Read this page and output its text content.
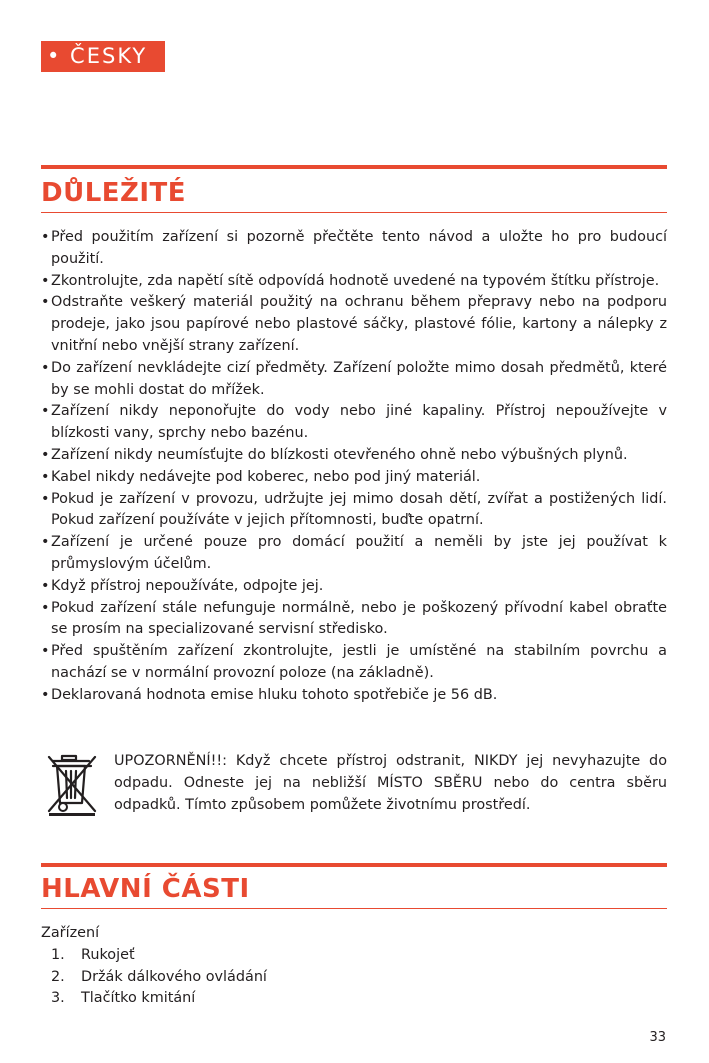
• ČESKY
DŮLEŽITÉ
• Před použitím zařízení si pozorně přečtěte tento návod a uložte ho pro budoucí použití.
• Zkontrolujte, zda napětí sítě odpovídá hodnotě uvedené na typovém štítku přístroje.
• Odstraňte veškerý materiál použitý na ochranu během přepravy nebo na podporu prodeje, jako jsou papírové nebo plastové sáčky, plastové fólie, kartony a nálepky z vnitřní nebo vnější strany zařízení.
• Do zařízení nevkládejte cizí předměty. Zařízení položte mimo dosah předmětů, které by se mohli dostat do mřížek.
• Zařízení nikdy neponořujte do vody nebo jiné kapaliny. Přístroj nepoužívejte v blízkosti vany, sprchy nebo bazénu.
• Zařízení nikdy neumísťujte do blízkosti otevřeného ohně nebo výbušných plynů.
• Kabel nikdy nedávejte pod koberec, nebo pod jiný materiál.
• Pokud je zařízení v provozu, udržujte jej mimo dosah dětí, zvířat a postižených lidí. Pokud zařízení používáte v jejich přítomnosti, buďte opatrní.
• Zařízení je určené pouze pro domácí použití a neměli by jste jej používat k průmyslovým účelům.
• Když přístroj nepoužíváte, odpojte jej.
• Pokud zařízení stále nefunguje normálně, nebo je poškozený přívodní kabel obraťte se prosím na specializované servisní středisko.
• Před spuštěním zařízení zkontrolujte, jestli je umístěné na stabilním povrchu a nachází se v normální provozní poloze (na základně).
• Deklarovaná hodnota emise hluku tohoto spotřebiče je 56 dB.

UPOZORNĚNÍ!!: Když chcete přístroj odstranit, NIKDY jej nevyhazujte do odpadu. Odneste jej na nebližší MÍSTO SBĚRU nebo do centra sběru odpadků. Tímto způsobem pomůžete životnímu prostředí.

HLAVNÍ ČÁSTI

Zařízení

1. Rukojeť
2. Držák dálkového ovládání
3. Tlačítko kmitání
33
